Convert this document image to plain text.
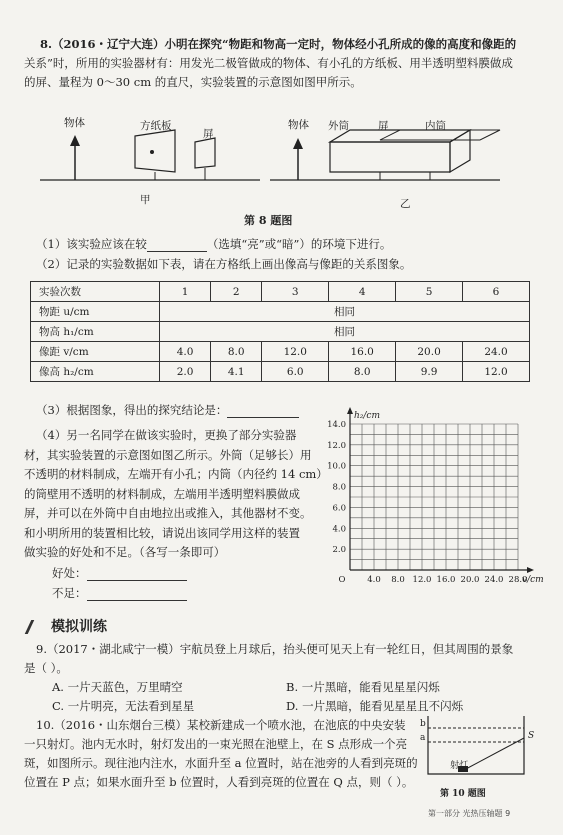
8.（2016・辽宁大连）小明在探究“物距和物高一定时，物体经小孔所成的像的高度和像距的
关系”时，所用的实验器材有：用发光二极管做成的物体、有小孔的方纸板、用半透明塑料膜做成
的屏、量程为 0～30 cm 的直尺，实验装置的示意图如图甲所示。
物体	方纸板
屏
甲
物体 外筒	屏	内筒
乙
第 8 题图
（1）该实验应该在较	（选填“亮”或“暗”）的环境下进行。
（2）记录的实验数据如下表，请在方格纸上画出像高与像距的关系图象。
实验次数	1	2	3	4	5	6
物距 u/cm	相同					
物高 h₁/cm	相同					
像距 v/cm	4.0	8.0	12.0	16.0	20.0	24.0
像高 h₂/cm	2.0	4.1	6.0	8.0	9.9	12.0
（3）根据图象，得出的探究结论是：
（4）另一名同学在做该实验时，更换了部分实验器
材，其实验装置的示意图如图乙所示。外筒（足够长）用
不透明的材料制成，左端开有小孔；内筒（内径约 14 cm）
的筒壁用不透明的材料制成，左端用半透明塑料膜做成
屏，并可以在外筒中自由地拉出或推入，其他器材不变。
和小明所用的装置相比较，请说出该同学用这样的装置
做实验的好处和不足。（各写一条即可）
好处：
不足：
14.0
12.0
10.0
8.0
6.0
4.0
2.0
O	4.0 8.0 12.0 16.0 20.0 24.0 28.0
h₂/cm
v/cm
模拟训练
9.（2017・湖北咸宁一模）宇航员登上月球后，抬头便可见天上有一轮红日，但其周围的景象
是（ ）。
A. 一片天蓝色，万里晴空	B. 一片黑暗，能看见星星闪烁
C. 一片明亮，无法看到星星	D. 一片黑暗，能看见星星且不闪烁
10.（2016・山东烟台三模）某校新建成一个喷水池，在池底的中央安装
一只射灯。池内无水时，射灯发出的一束光照在池壁上，在 S 点形成一个亮
斑，如图所示。现往池内注水，水面升至 a 位置时，站在池旁的人看到亮斑的
位置在 P 点；如果水面升至 b 位置时，人看到亮斑的位置在 Q 点，则（ ）。
b
a	S
射灯
第 10 题图
第一部分 光热压轴题 9
